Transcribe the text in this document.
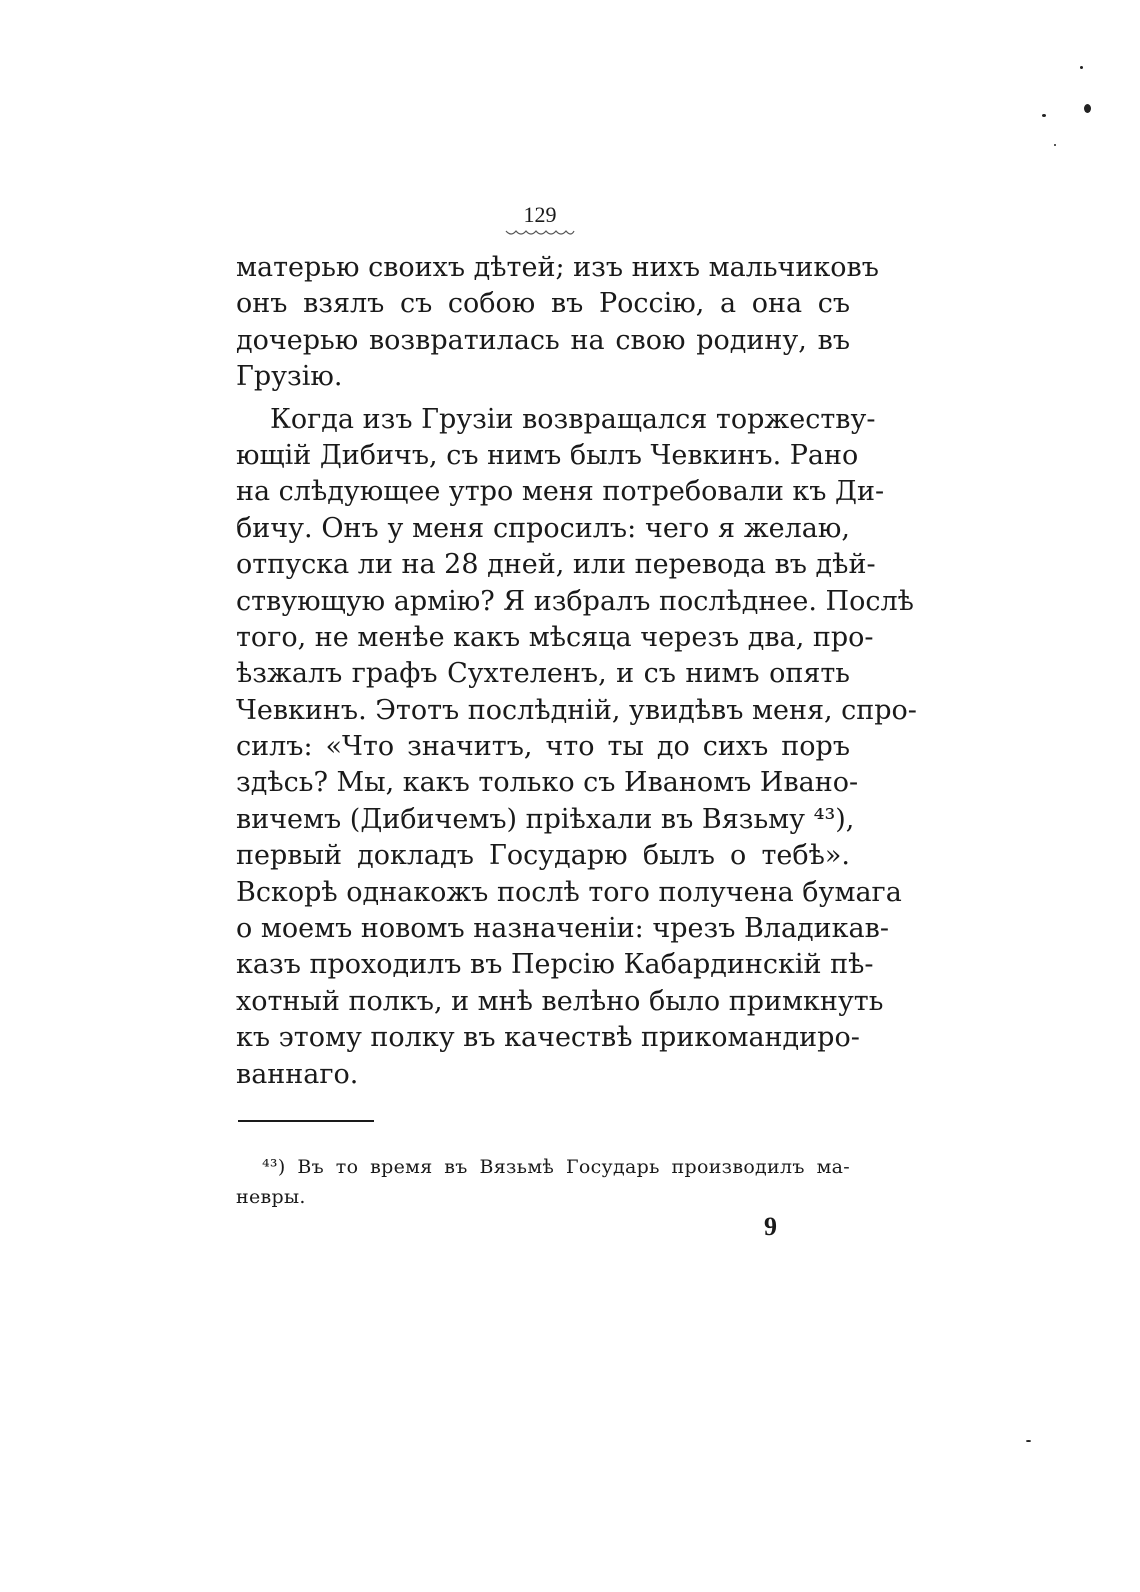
129
матерью своихъ дѣтей; изъ нихъ мальчиковъ
онъ взялъ съ собою въ Россію, а она съ
дочерью возвратилась на свою родину, въ
Грузію.
Когда изъ Грузіи возвращался торжеству-
ющій Дибичъ, съ нимъ былъ Чевкинъ. Рано
на слѣдующее утро меня потребовали къ Ди-
бичу. Онъ у меня спросилъ: чего я желаю,
отпуска ли на 28 дней, или перевода въ дѣй-
ствующую армію? Я избралъ послѣднее. Послѣ
того, не менѣе какъ мѣсяца черезъ два, про-
ѣзжалъ графъ Сухтеленъ, и съ нимъ опять
Чевкинъ. Этотъ послѣдній, увидѣвъ меня, спро-
силъ: «Что значитъ, что ты до сихъ поръ
здѣсь? Мы, какъ только съ Иваномъ Ивано-
вичемъ (Дибичемъ) пріѣхали въ Вязьму ⁴³),
первый докладъ Государю былъ о тебѣ».
Вскорѣ однакожъ послѣ того получена бумага
о моемъ новомъ назначеніи: чрезъ Владикав-
казъ проходилъ въ Персію Кабардинскій пѣ-
хотный полкъ, и мнѣ велѣно было примкнуть
къ этому полку въ качествѣ прикомандиро-
ваннаго.
⁴³) Въ то время въ Вязьмѣ Государь производилъ ма-
невры.
9
